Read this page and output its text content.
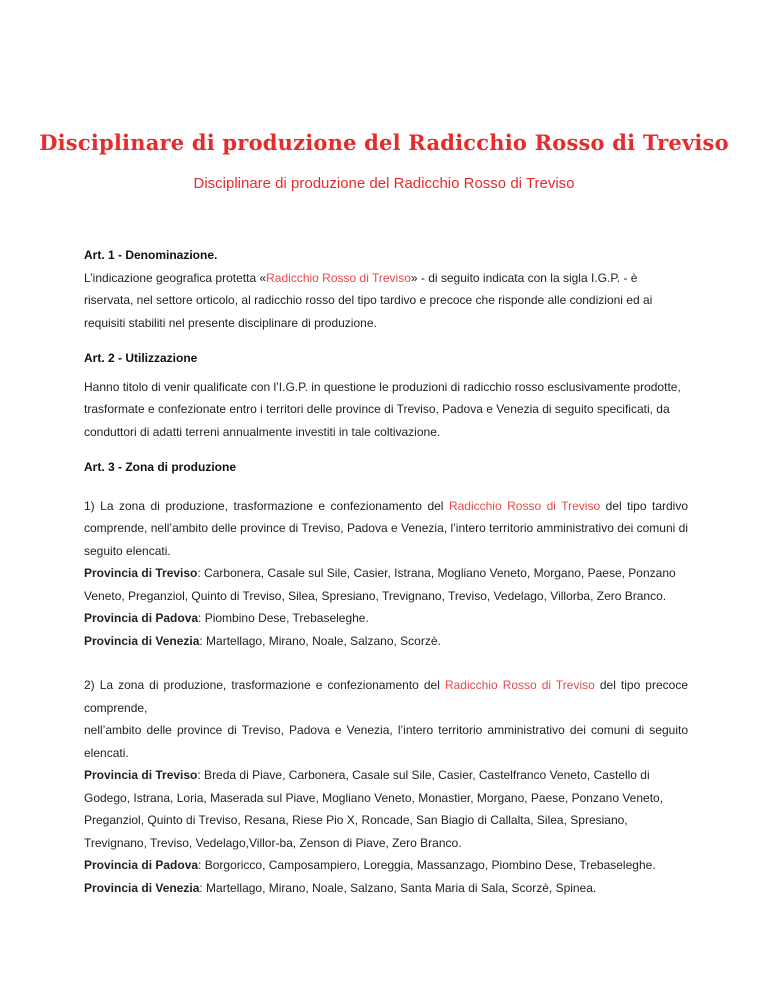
Disciplinare di produzione del Radicchio Rosso di Treviso
Disciplinare di produzione del Radicchio Rosso di Treviso

Art. 1 - Denominazione.

L’indicazione geografica protetta «Radicchio Rosso di Treviso» - di seguito indicata con la sigla I.G.P. - è riservata, nel settore orticolo, al radicchio rosso del tipo tardivo e precoce che risponde alle condizioni ed ai requisiti stabiliti nel presente disciplinare di produzione.

Art. 2 - Utilizzazione

Hanno titolo di venir qualificate con l’I.G.P. in questione le produzioni di radicchio rosso esclusivamente prodotte, trasformate e confezionate entro i territori delle province di Treviso, Padova e Venezia di seguito specificati, da conduttori di adatti terreni annualmente investiti in tale coltivazione.

Art. 3 - Zona di produzione

1) La zona di produzione, trasformazione e confezionamento del Radicchio Rosso di Treviso del tipo tardivo comprende, nell’ambito delle province di Treviso, Padova e Venezia, l’intero territorio amministrativo dei comuni di seguito elencati.

Provincia di Treviso: Carbonera, Casale sul Sile, Casier, Istrana, Mogliano Veneto, Morgano, Paese, Ponzano Veneto, Preganziol, Quinto di Treviso, Silea, Spresiano, Trevignano, Treviso, Vedelago, Villorba, Zero Branco.

Provincia di Padova: Piombino Dese, Trebaseleghe.

Provincia di Venezia: Martellago, Mirano, Noale, Salzano, Scorzè.

2) La zona di produzione, trasformazione e confezionamento del Radicchio Rosso di Treviso del tipo precoce comprende,

nell’ambito delle province di Treviso, Padova e Venezia, l’intero territorio amministrativo dei comuni di seguito elencati.

Provincia di Treviso: Breda di Piave, Carbonera, Casale sul Sile, Casier, Castelfranco Veneto, Castello di Godego, Istrana, Loria, Maserada sul Piave, Mogliano Veneto, Monastier, Morgano, Paese, Ponzano Veneto, Preganziol, Quinto di Treviso, Resana, Riese Pio X, Roncade, San Biagio di Callalta, Silea, Spresiano, Trevignano, Treviso, Vedelago,Villor-ba, Zenson di Piave, Zero Branco.

Provincia di Padova: Borgoricco, Camposampiero, Loreggia, Massanzago, Piombino Dese, Trebaseleghe.

Provincia di Venezia: Martellago, Mirano, Noale, Salzano, Santa Maria di Sala, Scorzè, Spinea.
